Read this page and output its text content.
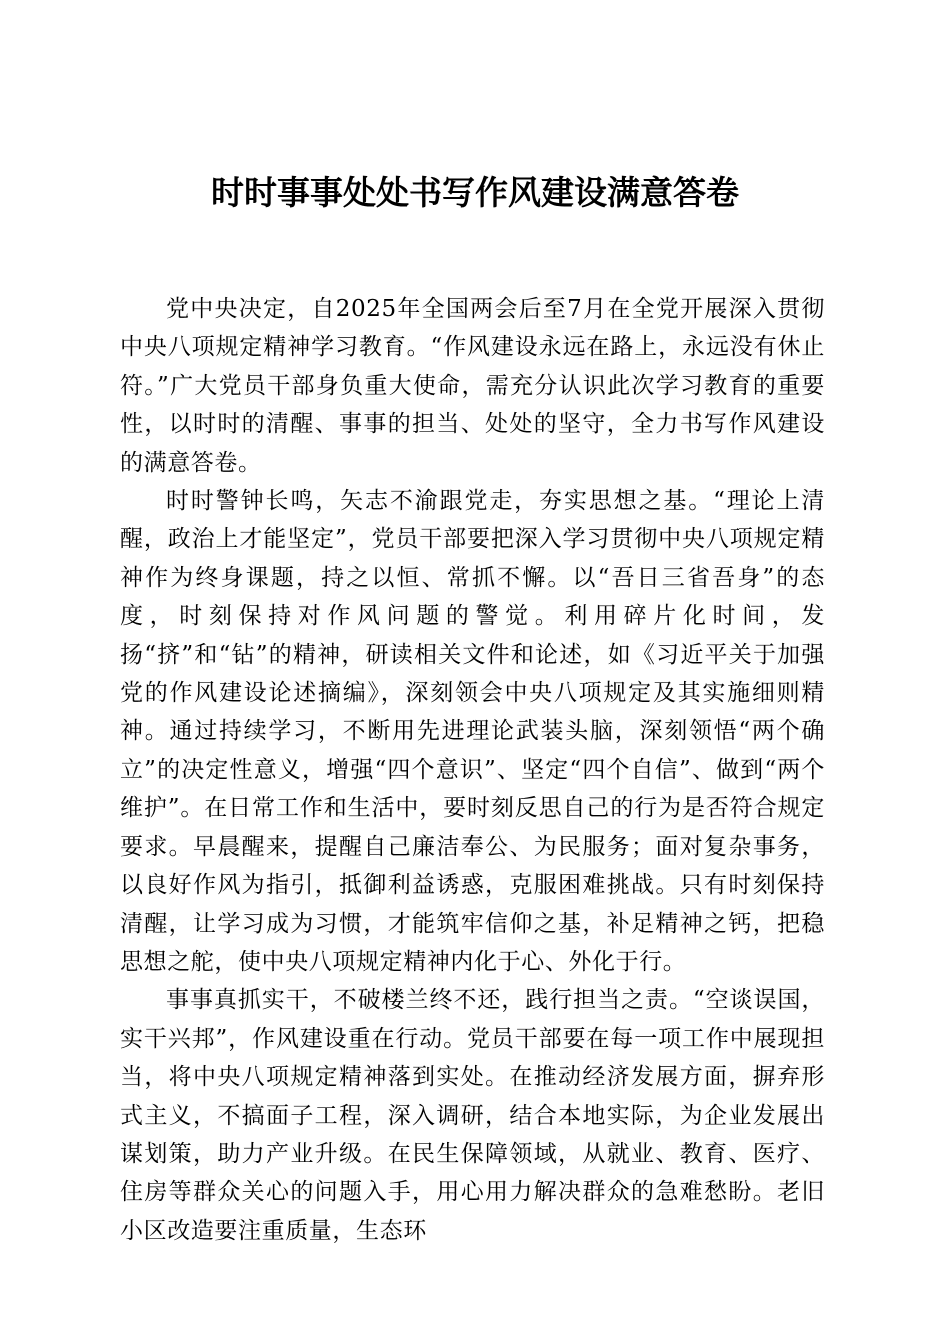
时时事事处处书写作风建设满意答卷

党中央决定，自2025年全国两会后至7月在全党开展深入贯彻中央八项规定精神学习教育。“作风建设永远在路上，永远没有休止符。”广大党员干部身负重大使命，需充分认识此次学习教育的重要性，以时时的清醒、事事的担当、处处的坚守，全力书写作风建设的满意答卷。

时时警钟长鸣，矢志不渝跟党走，夯实思想之基。“理论上清醒，政治上才能坚定”，党员干部要把深入学习贯彻中央八项规定精神作为终身课题，持之以恒、常抓不懈。以“吾日三省吾身”的态度，时刻保持对作风问题的警觉。利用碎片化时间，发扬“挤”和“钻”的精神，研读相关文件和论述，如《习近平关于加强党的作风建设论述摘编》，深刻领会中央八项规定及其实施细则精神。通过持续学习，不断用先进理论武装头脑，深刻领悟“两个确立”的决定性意义，增强“四个意识”、坚定“四个自信”、做到“两个维护”。在日常工作和生活中，要时刻反思自己的行为是否符合规定要求。早晨醒来，提醒自己廉洁奉公、为民服务；面对复杂事务，以良好作风为指引，抵御利益诱惑，克服困难挑战。只有时刻保持清醒，让学习成为习惯，才能筑牢信仰之基，补足精神之钙，把稳思想之舵，使中央八项规定精神内化于心、外化于行。

事事真抓实干，不破楼兰终不还，践行担当之责。“空谈误国，实干兴邦”，作风建设重在行动。党员干部要在每一项工作中展现担当，将中央八项规定精神落到实处。在推动经济发展方面，摒弃形式主义，不搞面子工程，深入调研，结合本地实际，为企业发展出谋划策，助力产业升级。在民生保障领域，从就业、教育、医疗、住房等群众关心的问题入手，用心用力解决群众的急难愁盼。老旧小区改造要注重质量，生态环
